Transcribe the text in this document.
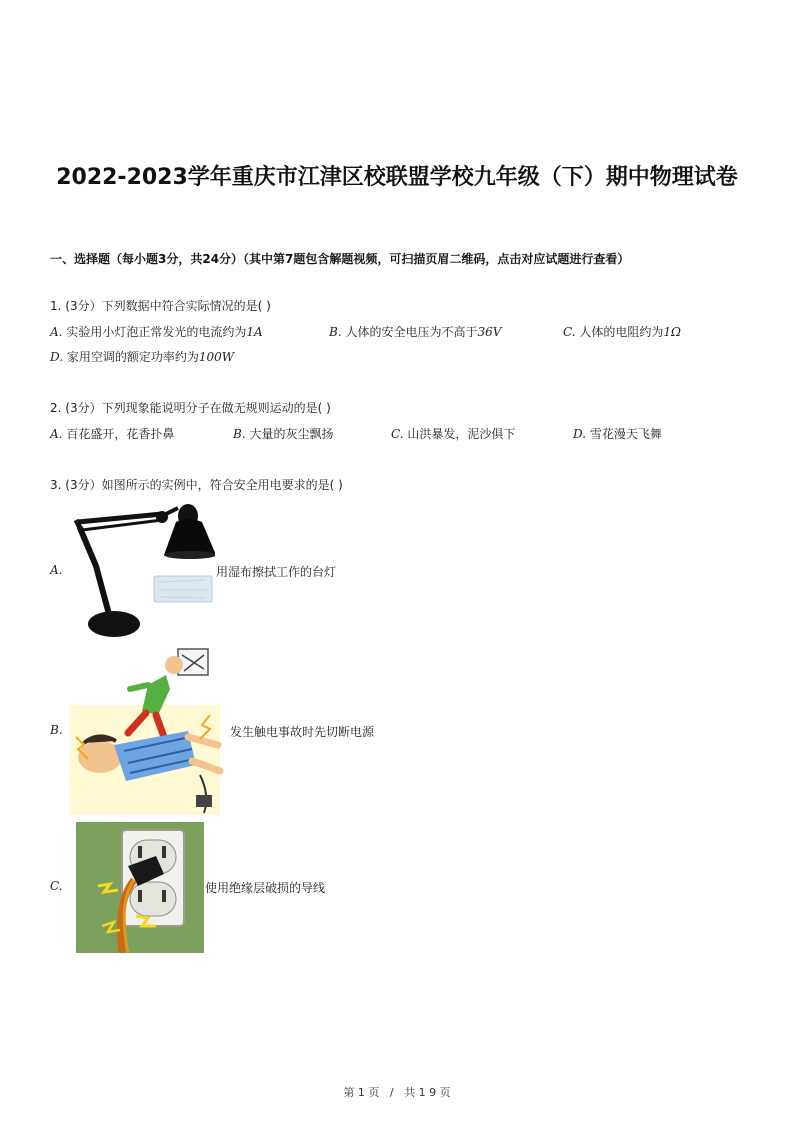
2022-2023学年重庆市江津区校联盟学校九年级（下）期中物理试卷
一、选择题（每小题3分，共24分）（其中第7题包含解题视频，可扫描页眉二维码，点击对应试题进行查看）
1. (3分）下列数据中符合实际情况的是( )
A. 实验用小灯泡正常发光的电流约为1A	B. 人体的安全电压为不高于36V	C. 人体的电阻约为1Ω
D. 家用空调的额定功率约为100W
2. (3分）下列现象能说明分子在做无规则运动的是( )
A. 百花盛开，花香扑鼻	B. 大量的灰尘飘扬	C. 山洪暴发，泥沙俱下	D. 雪花漫天飞舞
3. (3分）如图所示的实例中，符合安全用电要求的是( )
A.	用湿布擦拭工作的台灯
B.	发生触电事故时先切断电源
C.	使用绝缘层破损的导线
第 1 页   /   共 1 9 页
